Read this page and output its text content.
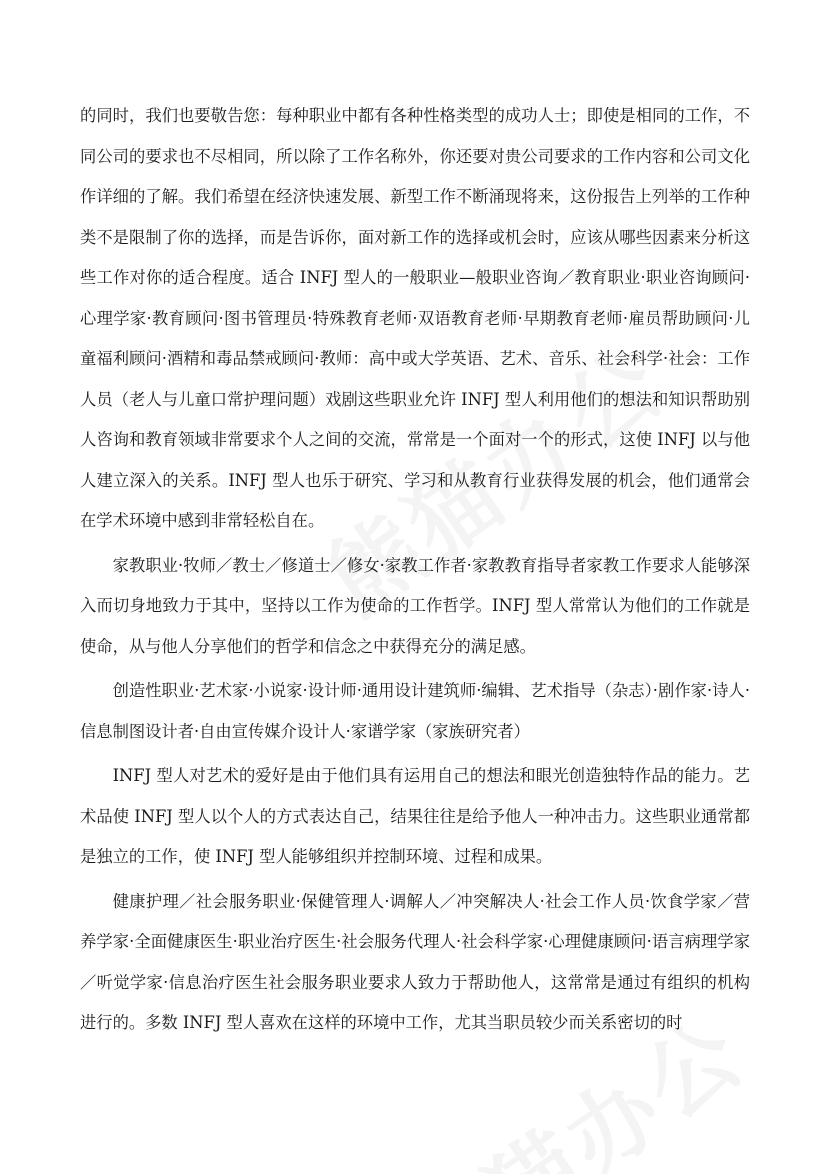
的同时，我们也要敬告您：每种职业中都有各种性格类型的成功人士；即使是相同的工作，不同公司的要求也不尽相同，所以除了工作名称外，你还要对贵公司要求的工作内容和公司文化作详细的了解。我们希望在经济快速发展、新型工作不断涌现将来，这份报告上列举的工作种类不是限制了你的选择，而是告诉你，面对新工作的选择或机会时，应该从哪些因素来分析这些工作对你的适合程度。适合 INFJ 型人的一般职业—般职业咨询／教育职业·职业咨询顾问·心理学家·教育顾问·图书管理员·特殊教育老师·双语教育老师·早期教育老师·雇员帮助顾问·儿童福利顾问·酒精和毒品禁戒顾问·教师：高中或大学英语、艺术、音乐、社会科学·社会：工作人员（老人与儿童口常护理问题）戏剧这些职业允许 INFJ 型人利用他们的想法和知识帮助别人咨询和教育领域非常要求个人之间的交流，常常是一个面对一个的形式，这使 INFJ 以与他人建立深入的关系。INFJ 型人也乐于研究、学习和从教育行业获得发展的机会，他们通常会在学术环境中感到非常轻松自在。

家教职业·牧师／教士／修道士／修女·家教工作者·家教教育指导者家教工作要求人能够深入而切身地致力于其中，坚持以工作为使命的工作哲学。INFJ 型人常常认为他们的工作就是使命，从与他人分享他们的哲学和信念之中获得充分的满足感。

创造性职业·艺术家·小说家·设计师·通用设计建筑师·编辑、艺术指导（杂志）·剧作家·诗人·信息制图设计者·自由宣传媒介设计人·家谱学家（家族研究者）

INFJ 型人对艺术的爱好是由于他们具有运用自己的想法和眼光创造独特作品的能力。艺术品使 INFJ 型人以个人的方式表达自己，结果往往是给予他人一种冲击力。这些职业通常都是独立的工作，使 INFJ 型人能够组织并控制环境、过程和成果。

健康护理／社会服务职业·保健管理人·调解人／冲突解决人·社会工作人员·饮食学家／营养学家·全面健康医生·职业治疗医生·社会服务代理人·社会科学家·心理健康顾问·语言病理学家／听觉学家·信息治疗医生社会服务职业要求人致力于帮助他人，这常常是通过有组织的机构进行的。多数 INFJ 型人喜欢在这样的环境中工作，尤其当职员较少而关系密切的时
